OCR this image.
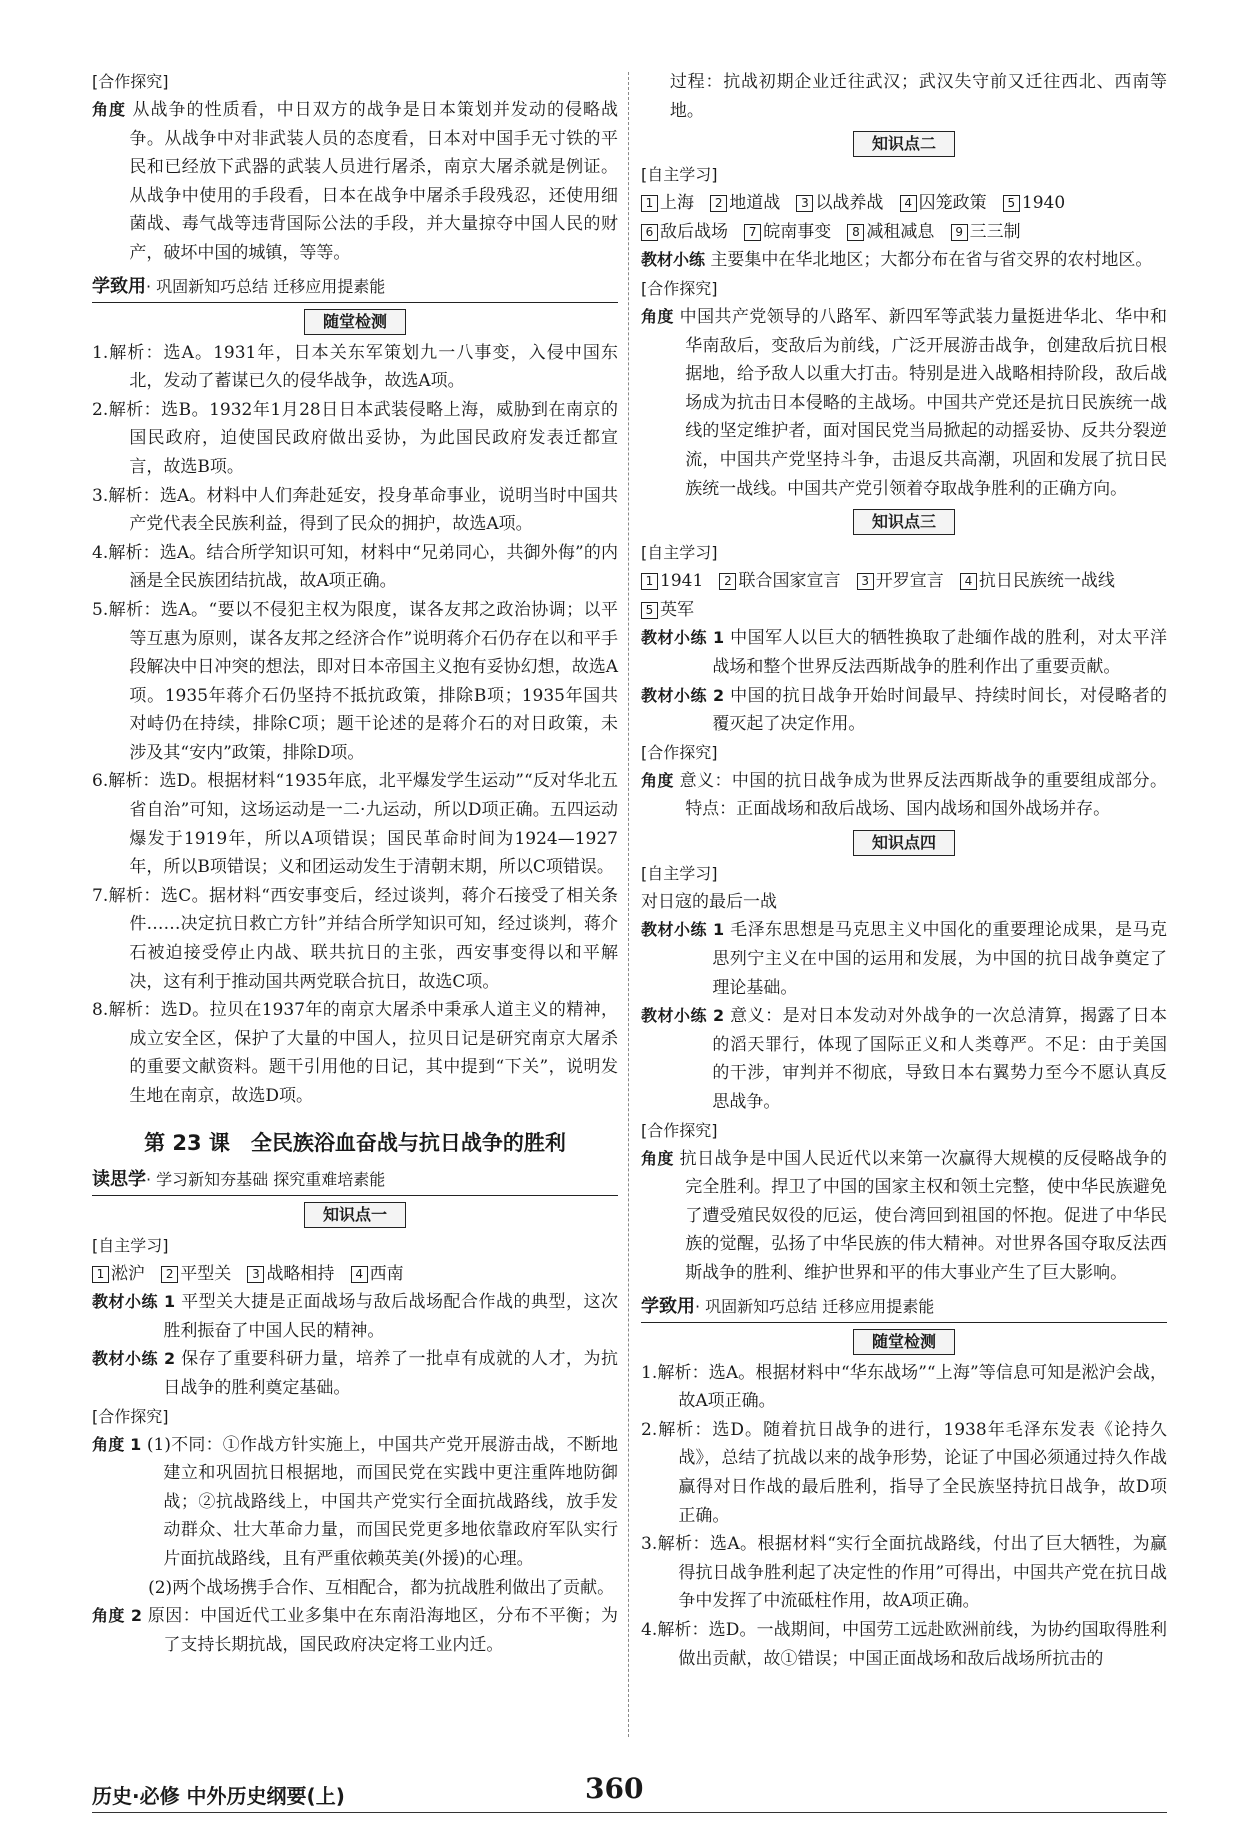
[合作探究]

角度 从战争的性质看，中日双方的战争是日本策划并发动的侵略战争。从战争中对非武装人员的态度看，日本对中国手无寸铁的平民和已经放下武器的武装人员进行屠杀，南京大屠杀就是例证。从战争中使用的手段看，日本在战争中屠杀手段残忍，还使用细菌战、毒气战等违背国际公法的手段，并大量掠夺中国人民的财产，破坏中国的城镇，等等。

学致用· 巩固新知巧总结 迁移应用提素能
随堂检测

1.解析：选A。1931年，日本关东军策划九一八事变，入侵中国东北，发动了蓄谋已久的侵华战争，故选A项。

2.解析：选B。1932年1月28日日本武装侵略上海，威胁到在南京的国民政府，迫使国民政府做出妥协，为此国民政府发表迁都宣言，故选B项。

3.解析：选A。材料中人们奔赴延安，投身革命事业，说明当时中国共产党代表全民族利益，得到了民众的拥护，故选A项。

4.解析：选A。结合所学知识可知，材料中“兄弟同心，共御外侮”的内涵是全民族团结抗战，故A项正确。

5.解析：选A。“要以不侵犯主权为限度，谋各友邦之政治协调；以平等互惠为原则，谋各友邦之经济合作”说明蒋介石仍存在以和平手段解决中日冲突的想法，即对日本帝国主义抱有妥协幻想，故选A项。1935年蒋介石仍坚持不抵抗政策，排除B项；1935年国共对峙仍在持续，排除C项；题干论述的是蒋介石的对日政策，未涉及其“安内”政策，排除D项。

6.解析：选D。根据材料“1935年底，北平爆发学生运动”“反对华北五省自治”可知，这场运动是一二·九运动，所以D项正确。五四运动爆发于1919年，所以A项错误；国民革命时间为1924—1927年，所以B项错误；义和团运动发生于清朝末期，所以C项错误。

7.解析：选C。据材料“西安事变后，经过谈判，蒋介石接受了相关条件……决定抗日救亡方针”并结合所学知识可知，经过谈判，蒋介石被迫接受停止内战、联共抗日的主张，西安事变得以和平解决，这有利于推动国共两党联合抗日，故选C项。

8.解析：选D。拉贝在1937年的南京大屠杀中秉承人道主义的精神，成立安全区，保护了大量的中国人，拉贝日记是研究南京大屠杀的重要文献资料。题干引用他的日记，其中提到“下关”，说明发生地在南京，故选D项。

第 23 课　全民族浴血奋战与抗日战争的胜利
读思学· 学习新知夯基础 探究重难培素能
知识点一

[自主学习]

1 淞沪 2 平型关 3 战略相持 4 西南

教材小练 1 平型关大捷是正面战场与敌后战场配合作战的典型，这次胜利振奋了中国人民的精神。

教材小练 2 保存了重要科研力量，培养了一批卓有成就的人才，为抗日战争的胜利奠定基础。

[合作探究]

角度 1 (1)不同：①作战方针实施上，中国共产党开展游击战，不断地建立和巩固抗日根据地，而国民党在实践中更注重阵地防御战；②抗战路线上，中国共产党实行全面抗战路线，放手发动群众、壮大革命力量，而国民党更多地依靠政府军队实行片面抗战路线，且有严重依赖英美(外援)的心理。

(2)两个战场携手合作、互相配合，都为抗战胜利做出了贡献。

角度 2 原因：中国近代工业多集中在东南沿海地区，分布不平衡；为了支持长期抗战，国民政府决定将工业内迁。

过程：抗战初期企业迁往武汉；武汉失守前又迁往西北、西南等地。

知识点二

[自主学习]

1 上海 2 地道战 3 以战养战 4 囚笼政策 5 1940

6 敌后战场 7 皖南事变 8 减租减息 9 三三制

教材小练 主要集中在华北地区；大都分布在省与省交界的农村地区。

[合作探究]

角度 中国共产党领导的八路军、新四军等武装力量挺进华北、华中和华南敌后，变敌后为前线，广泛开展游击战争，创建敌后抗日根据地，给予敌人以重大打击。特别是进入战略相持阶段，敌后战场成为抗击日本侵略的主战场。中国共产党还是抗日民族统一战线的坚定维护者，面对国民党当局掀起的动摇妥协、反共分裂逆流，中国共产党坚持斗争，击退反共高潮，巩固和发展了抗日民族统一战线。中国共产党引领着夺取战争胜利的正确方向。

知识点三

[自主学习]

1 1941 2 联合国家宣言 3 开罗宣言 4 抗日民族统一战线
5 英军

教材小练 1 中国军人以巨大的牺牲换取了赴缅作战的胜利，对太平洋战场和整个世界反法西斯战争的胜利作出了重要贡献。

教材小练 2 中国的抗日战争开始时间最早、持续时间长，对侵略者的覆灭起了决定作用。

[合作探究]

角度 意义：中国的抗日战争成为世界反法西斯战争的重要组成部分。特点：正面战场和敌后战场、国内战场和国外战场并存。

知识点四

[自主学习]

对日寇的最后一战

教材小练 1 毛泽东思想是马克思主义中国化的重要理论成果，是马克思列宁主义在中国的运用和发展，为中国的抗日战争奠定了理论基础。

教材小练 2 意义：是对日本发动对外战争的一次总清算，揭露了日本的滔天罪行，体现了国际正义和人类尊严。不足：由于美国的干涉，审判并不彻底，导致日本右翼势力至今不愿认真反思战争。

[合作探究]

角度 抗日战争是中国人民近代以来第一次赢得大规模的反侵略战争的完全胜利。捍卫了中国的国家主权和领土完整，使中华民族避免了遭受殖民奴役的厄运，使台湾回到祖国的怀抱。促进了中华民族的觉醒，弘扬了中华民族的伟大精神。对世界各国夺取反法西斯战争的胜利、维护世界和平的伟大事业产生了巨大影响。

学致用· 巩固新知巧总结 迁移应用提素能
随堂检测

1.解析：选A。根据材料中“华东战场”“上海”等信息可知是淞沪会战，故A项正确。

2.解析：选D。随着抗日战争的进行，1938年毛泽东发表《论持久战》，总结了抗战以来的战争形势，论证了中国必须通过持久作战赢得对日作战的最后胜利，指导了全民族坚持抗日战争，故D项正确。

3.解析：选A。根据材料“实行全面抗战路线，付出了巨大牺牲，为赢得抗日战争胜利起了决定性的作用”可得出，中国共产党在抗日战争中发挥了中流砥柱作用，故A项正确。

4.解析：选D。一战期间，中国劳工远赴欧洲前线，为协约国取得胜利做出贡献，故①错误；中国正面战场和敌后战场所抗击的

历史·必修 中外历史纲要(上)	360
